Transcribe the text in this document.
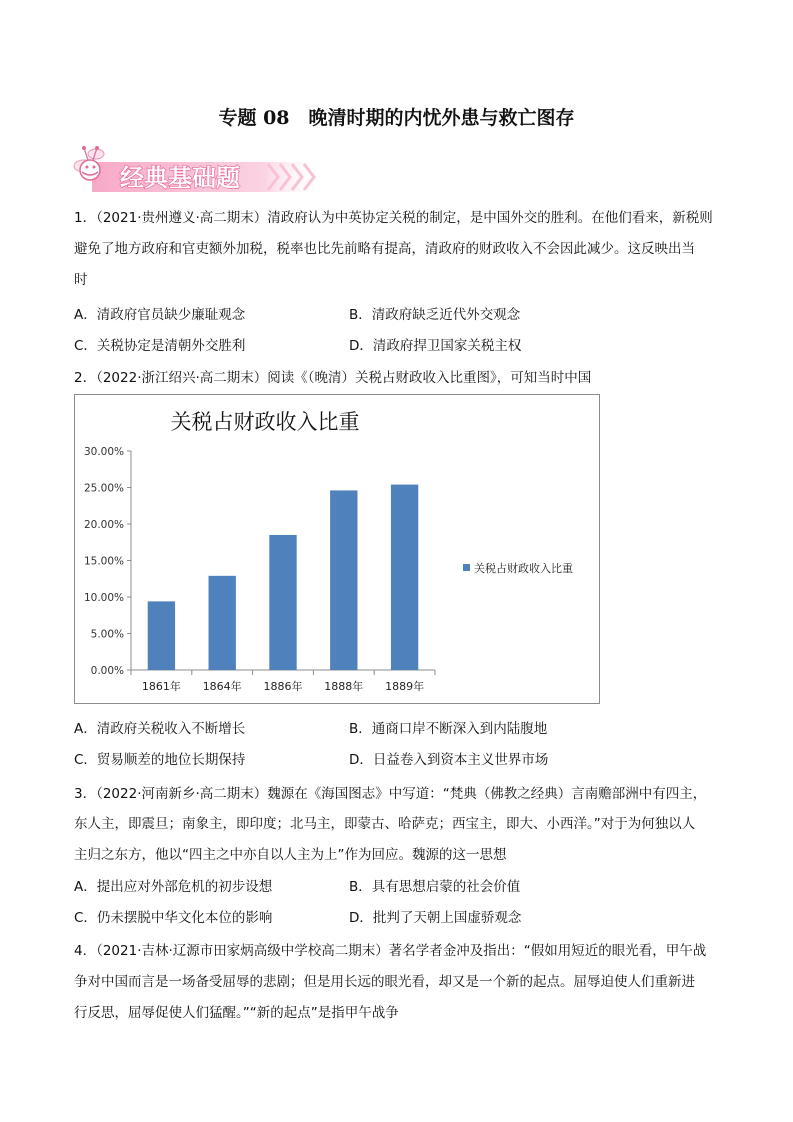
专题 08　晚清时期的内忧外患与救亡图存
经典基础题
1．（2021·贵州遵义·高二期末）清政府认为中英协定关税的制定，是中国外交的胜利。在他们看来，新税则
避免了地方政府和官吏额外加税，税率也比先前略有提高，清政府的财政收入不会因此减少。这反映出当
时
A．清政府官员缺少廉耻观念	B．清政府缺乏近代外交观念
C．关税协定是清朝外交胜利	D．清政府捍卫国家关税主权
2．（2022·浙江绍兴·高二期末）阅读《（晚清）关税占财政收入比重图》，可知当时中国
关税占财政收入比重
关税占财政收入比重
0.00%
5.00%
10.00%
15.00%
20.00%
25.00%
30.00%
1861年 1864年 1886年 1888年 1889年
A．清政府关税收入不断增长	B．通商口岸不断深入到内陆腹地
C．贸易顺差的地位长期保持	D．日益卷入到资本主义世界市场
3．（2022·河南新乡·高二期末）魏源在《海国图志》中写道：“梵典（佛教之经典）言南赡部洲中有四主，
东人主，即震旦；南象主，即印度；北马主，即蒙古、哈萨克；西宝主，即大、小西洋。”对于为何独以人
主归之东方，他以“四主之中亦自以人主为上”作为回应。魏源的这一思想
A．提出应对外部危机的初步设想	B．具有思想启蒙的社会价值
C．仍未摆脱中华文化本位的影响	D．批判了天朝上国虚骄观念
4．（2021·吉林·辽源市田家炳高级中学校高二期末）著名学者金冲及指出：“假如用短近的眼光看，甲午战
争对中国而言是一场备受屈辱的悲剧；但是用长远的眼光看，却又是一个新的起点。屈辱迫使人们重新进
行反思，屈辱促使人们猛醒。”“新的起点”是指甲午战争
